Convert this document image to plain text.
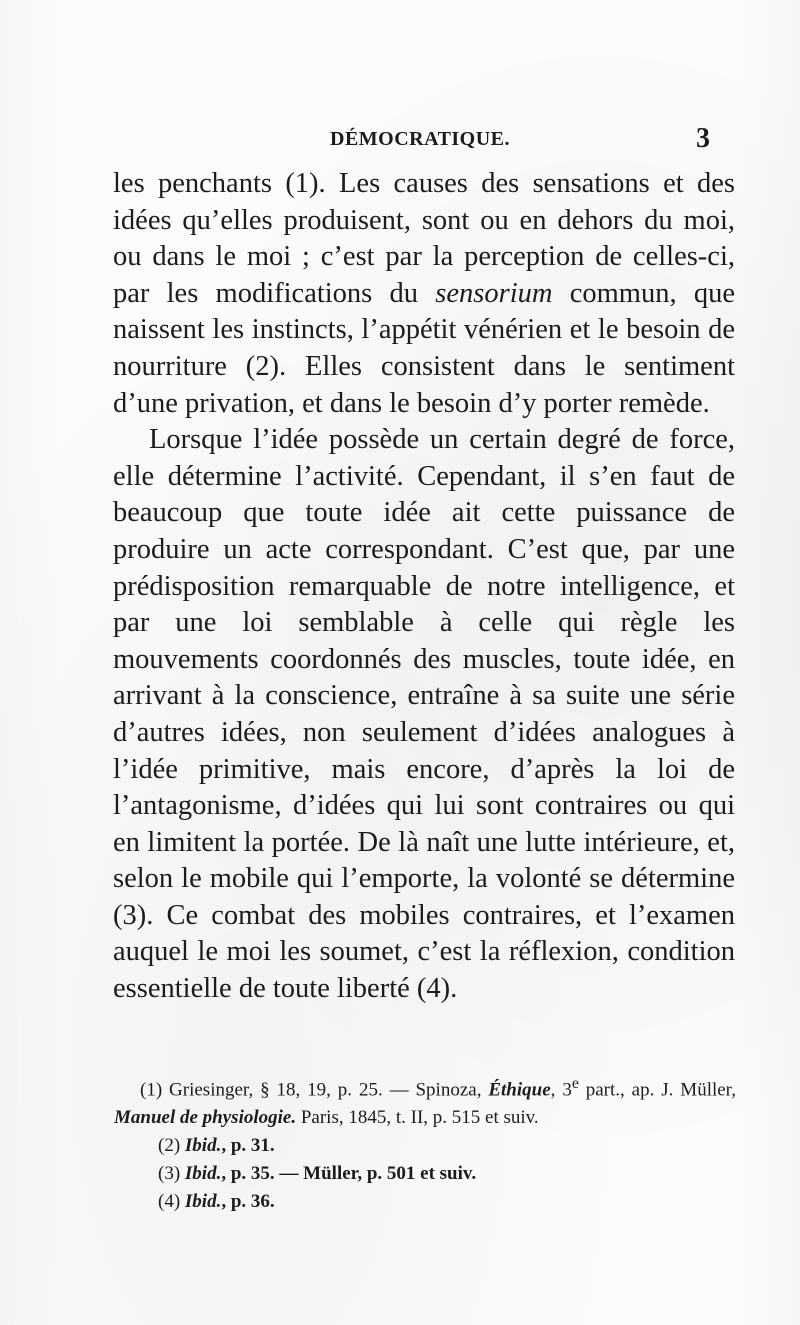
DÉMOCRATIQUE.	3

les penchants (1). Les causes des sensations et des idées qu’elles produisent, sont ou en dehors du moi, ou dans le moi ; c’est par la perception de celles-ci, par les modifications du sensorium commun, que naissent les instincts, l’appétit vénérien et le besoin de nourriture (2). Elles consistent dans le sentiment d’une privation, et dans le besoin d’y porter remède.

Lorsque l’idée possède un certain degré de force, elle détermine l’activité. Cependant, il s’en faut de beaucoup que toute idée ait cette puissance de produire un acte correspondant. C’est que, par une prédisposition remarquable de notre intelligence, et par une loi semblable à celle qui règle les mouvements coordonnés des muscles, toute idée, en arrivant à la conscience, entraîne à sa suite une série d’autres idées, non seulement d’idées analogues à l’idée primitive, mais encore, d’après la loi de l’antagonisme, d’idées qui lui sont contraires ou qui en limitent la portée. De là naît une lutte intérieure, et, selon le mobile qui l’emporte, la volonté se détermine (3). Ce combat des mobiles contraires, et l’examen auquel le moi les soumet, c’est la réflexion, condition essentielle de toute liberté (4).

(1) Griesinger, § 18, 19, p. 25. — Spinoza, Éthique, 3e part., ap. J. Müller, Manuel de physiologie. Paris, 1845, t. II, p. 515 et suiv.

(2) Ibid., p. 31.

(3) Ibid., p. 35. — Müller, p. 501 et suiv.

(4) Ibid., p. 36.
